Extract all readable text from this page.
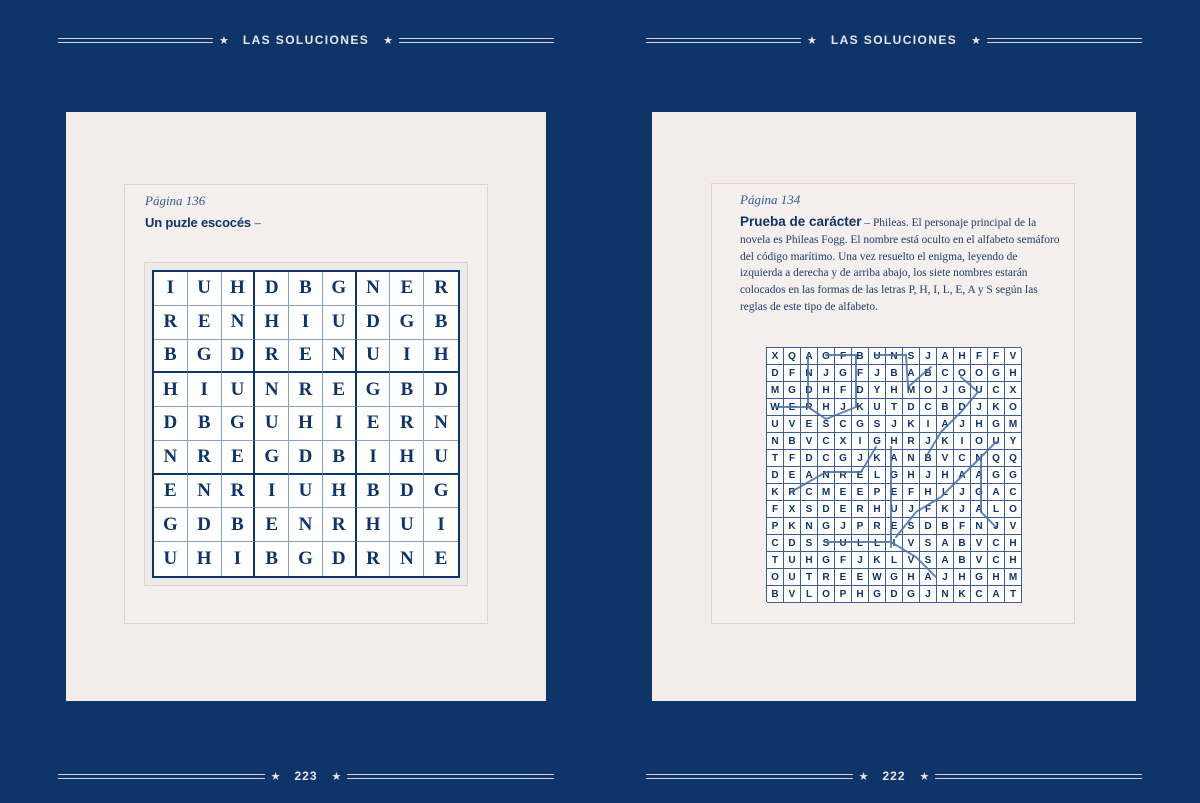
★	LAS SOLUCIONES	★	★	LAS SOLUCIONES	★
Página 136
Un puzle escocés –
I	U	H	D	B	G	N	E	R
R	E	N	H	I	U	D	G	B
B	G	D	R	E	N	U	I	H
H	I	U	N	R	E	G	B	D
D	B	G	U	H	I	E	R	N
N	R	E	G	D	B	I	H	U
E	N	R	I	U	H	B	D	G
G	D	B	E	N	R	H	U	I
U	H	I	B	G	D	R	N	E
Página 134
Prueba de carácter – Phileas. El personaje principal de la novela es Phileas Fogg. El nombre está oculto en el alfabeto semáforo del código marítimo. Una vez resuelto el enigma, leyendo de izquierda a derecha y de arriba abajo, los siete nombres estarán colocados en las formas de las letras P, H, I, L, E, A y S según las reglas de este tipo de alfabeto.
X Q A G	F	B U N	S	J	A H	F	F	V
D	F	N	J	G	F	J	B A B C O O G H
M G D H	F	D	Y	H M O	J	G U C	X
W E	R H	J	K U	T	D C B D	J	K O
U	V	E	S	C G S	J	K	I	A	J	H G M
N B	V	C	X	I	G H R	J	K	I	O U	Y
T	F	D C G	J	K A N B	V	C N Q Q
D	E	A N R	E	L	G H	J	H A A G G
K R C M E	E	P	E	F	H	L	J	G A C
F	X	S	D	E	R H U	J	F	K	J	A	L	O
P	K N G	J	P	R	E	S	D B	F	N	J	V
C D	S	S	U	L	L	I	V	S	A B	V	C H
T	U H G	F	J	K	L	V	S	A B	V	C H
O U	T	R	E	E W G H A	J	H G H M
B	V	L	O P	H G D G	J	N K C A	T
★	223	★	★	222	★
